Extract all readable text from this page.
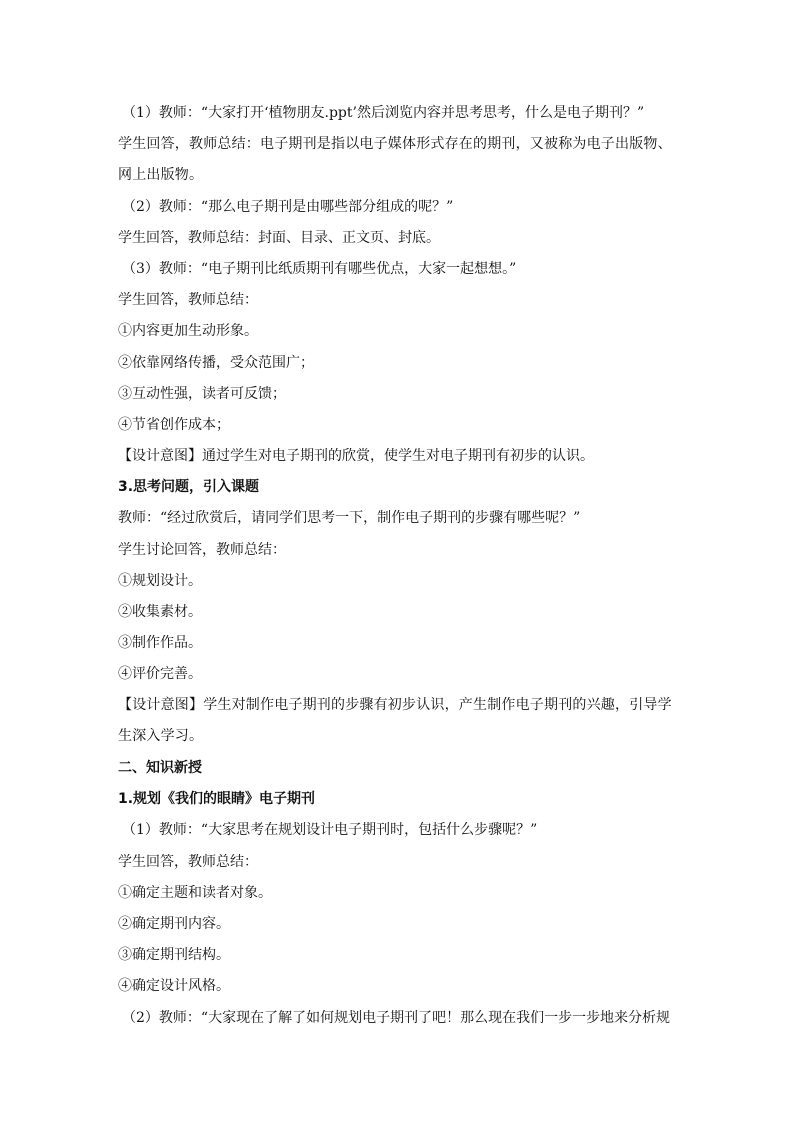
（1）教师：“大家打开‘植物朋友.ppt’然后浏览内容并思考思考，什么是电子期刊？”
学生回答，教师总结：电子期刊是指以电子媒体形式存在的期刊，又被称为电子出版物、网上出版物。
（2）教师：“那么电子期刊是由哪些部分组成的呢？”
学生回答，教师总结：封面、目录、正文页、封底。
（3）教师：“电子期刊比纸质期刊有哪些优点，大家一起想想。”
学生回答，教师总结：
①内容更加生动形象。
②依靠网络传播，受众范围广；
③互动性强，读者可反馈；
④节省创作成本；
【设计意图】通过学生对电子期刊的欣赏，使学生对电子期刊有初步的认识。
3.思考问题，引入课题
教师：“经过欣赏后，请同学们思考一下，制作电子期刊的步骤有哪些呢？”
学生讨论回答，教师总结：
①规划设计。
②收集素材。
③制作作品。
④评价完善。
【设计意图】学生对制作电子期刊的步骤有初步认识，产生制作电子期刊的兴趣，引导学生深入学习。
二、知识新授
1.规划《我们的眼睛》电子期刊
（1）教师：“大家思考在规划设计电子期刊时，包括什么步骤呢？”
学生回答，教师总结：
①确定主题和读者对象。
②确定期刊内容。
③确定期刊结构。
④确定设计风格。
（2）教师：“大家现在了解了如何规划电子期刊了吧！那么现在我们一步一步地来分析规
